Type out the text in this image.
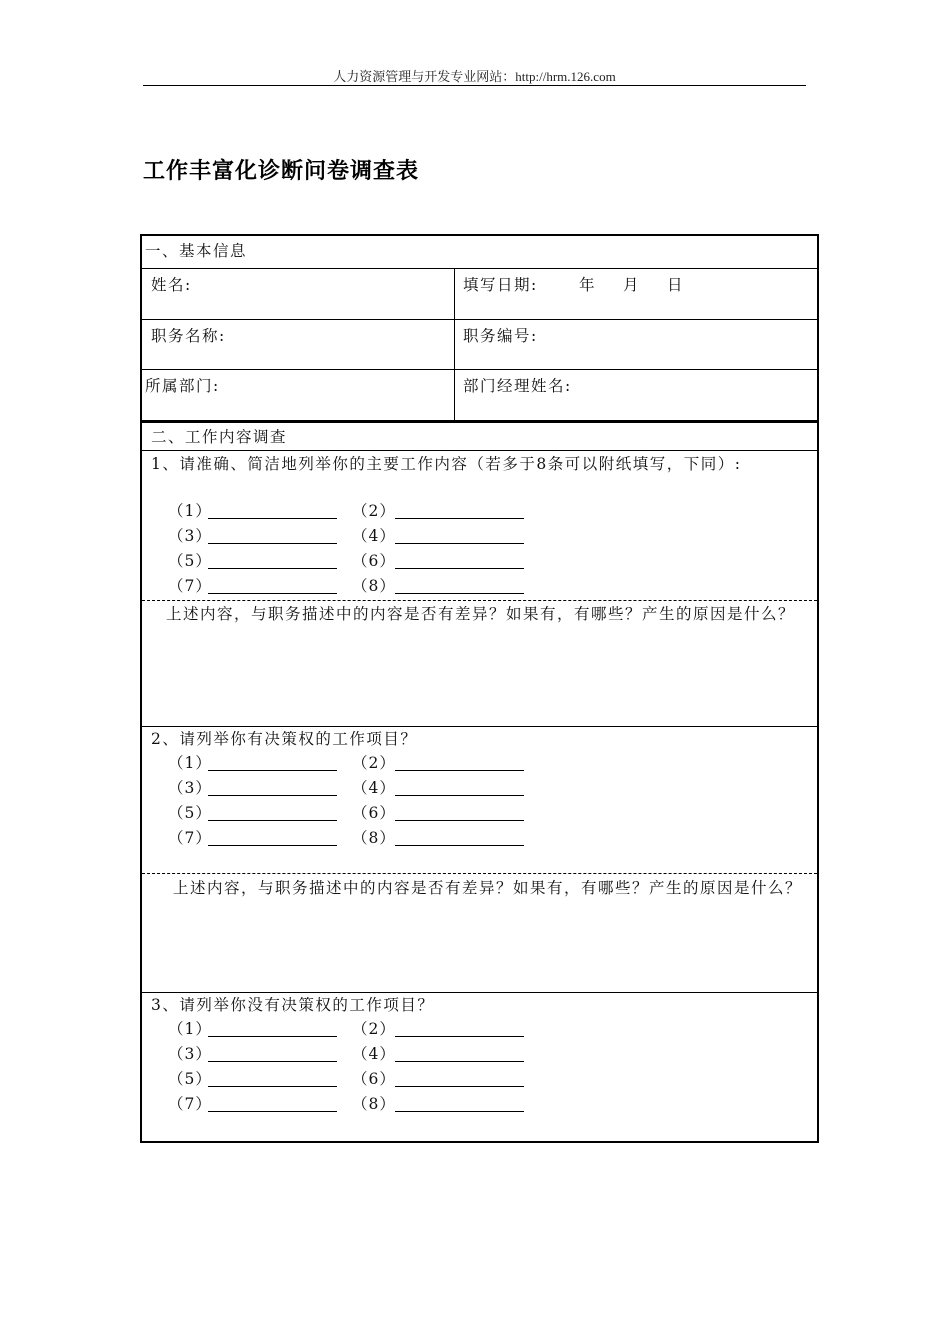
人力资源管理与开发专业网站：http://hrm.126.com
工作丰富化诊断问卷调查表
一、基本信息
姓名:	填写日期:	年 月 日
职务名称:	职务编号:
所属部门:	部门经理姓名:
二、工作内容调查
1、请准确、简洁地列举你的主要工作内容（若多于8条可以附纸填写，下同）:
（1）	（2）
（3）	（4）
（5）	（6）
（7）	（8）
上述内容，与职务描述中的内容是否有差异？如果有，有哪些？产生的原因是什么？
2、请列举你有决策权的工作项目？
（1）	（2）
（3）	（4）
（5）	（6）
（7）	（8）
上述内容，与职务描述中的内容是否有差异？如果有，有哪些？产生的原因是什么？
3、请列举你没有决策权的工作项目？
（1）	（2）
（3）	（4）
（5）	（6）
（7）	（8）
